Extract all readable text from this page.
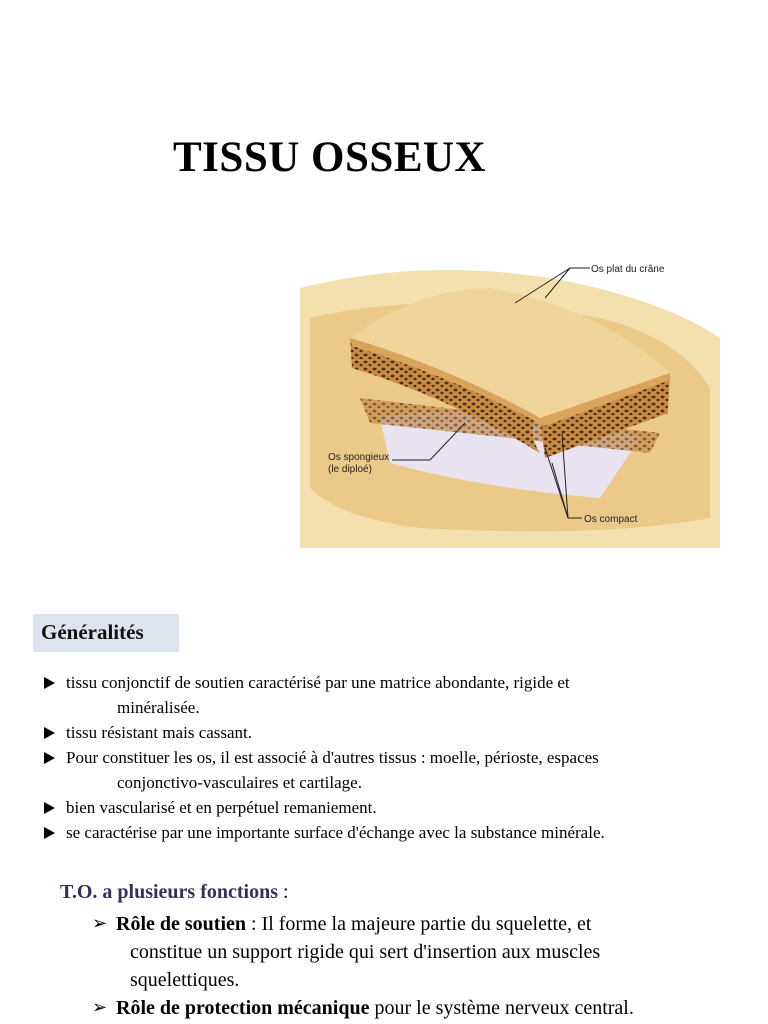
TISSU OSSEUX
Os plat du crâne
Os spongieux
(le diploé)
Os compact
Généralités
tissu conjonctif de soutien caractérisé par une matrice abondante, rigide et
minéralisée.
tissu résistant mais cassant.
Pour constituer les os, il est associé à d'autres tissus : moelle, périoste, espaces
conjonctivo-vasculaires et cartilage.
bien vascularisé et en perpétuel remaniement.
se caractérise par une importante surface d'échange avec la substance minérale.
T.O. a plusieurs fonctions :
➢ Rôle de soutien : Il forme la majeure partie du squelette, et
constitue un support rigide qui sert d'insertion aux muscles
squelettiques.
➢ Rôle de protection mécanique pour le système nerveux central.
